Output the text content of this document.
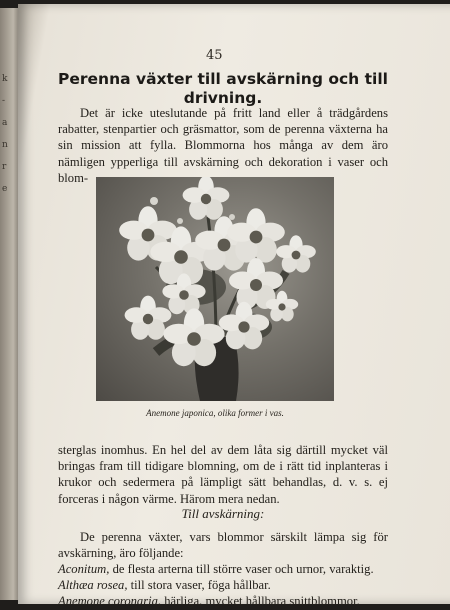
k
-
a
n
r
e
45
Perenna växter till avskärning och till drivning.

Det är icke uteslutande på fritt land eller å trädgårdens rabatter, stenpartier och gräsmattor, som de perenna växterna ha sin mission att fylla. Blommorna hos många av dem äro nämligen ypperliga till avskärning och dekoration i vaser och blom-

Anemone japonica, olika former i vas.

sterglas inomhus. En hel del av dem låta sig därtill mycket väl bringas fram till tidigare blomning, om de i rätt tid inplanteras i krukor och sedermera på lämpligt sätt behandlas, d. v. s. ej forceras i någon värme. Härom mera nedan.

Till avskärning:

De perenna växter, vars blommor särskilt lämpa sig för avskärning, äro följande:

Aconitum, de flesta arterna till större vaser och urnor, varaktig.
Althæa rosea, till stora vaser, föga hållbar.
Anemone coronaria, härliga, mycket hållbara snittblommor.
